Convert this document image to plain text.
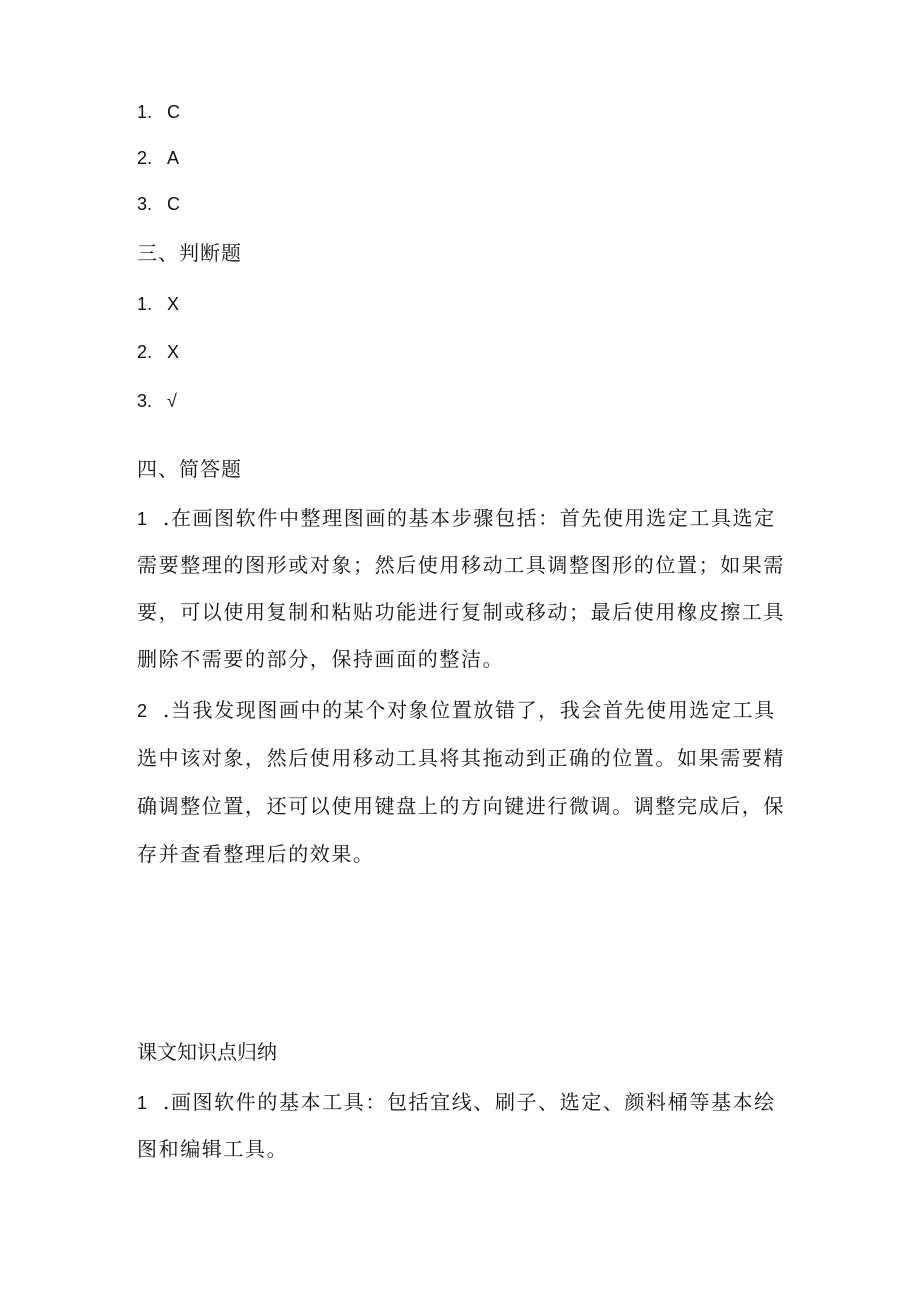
1. C
2. A
3. C
三、判断题
1. X
2. X
3. √
四、简答题
1 .在画图软件中整理图画的基本步骤包括：首先使用选定工具选定
需要整理的图形或对象；然后使用移动工具调整图形的位置；如果需
要，可以使用复制和粘贴功能进行复制或移动；最后使用橡皮擦工具
删除不需要的部分，保持画面的整洁。
2 .当我发现图画中的某个对象位置放错了，我会首先使用选定工具
选中该对象，然后使用移动工具将其拖动到正确的位置。如果需要精
确调整位置，还可以使用键盘上的方向键进行微调。调整完成后，保
存并查看整理后的效果。
课文知识点归纳
1 .画图软件的基本工具：包括宜线、刷子、选定、颜料桶等基本绘
图和编辑工具。
